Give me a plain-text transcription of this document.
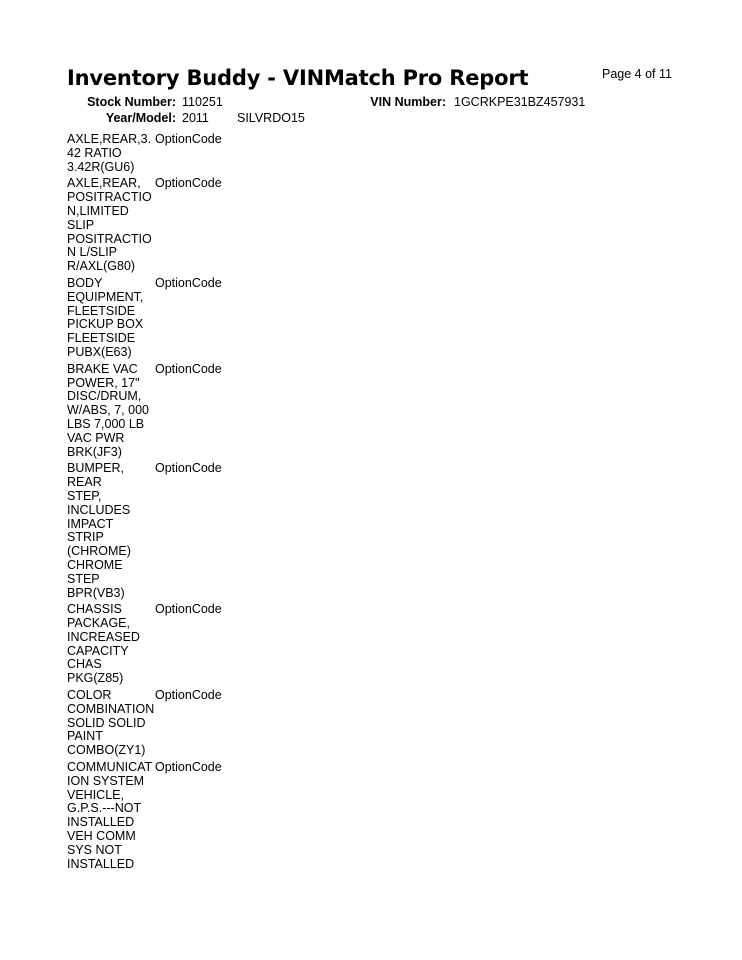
Inventory Buddy - VINMatch Pro Report	Page 4 of 11
Stock Number: 110251	VIN Number: 1GCRKPE31BZ457931
Year/Model: 2011 SILVRDO15
AXLE,REAR,3.
42 RATIO
3.42R(GU6)
OptionCode
AXLE,REAR,
POSITRACTIO
N,LIMITED
SLIP
POSITRACTIO
N L/SLIP
R/AXL(G80)
OptionCode
BODY
EQUIPMENT,
FLEETSIDE
PICKUP BOX
FLEETSIDE
PUBX(E63)
OptionCode
BRAKE VAC
POWER, 17"
DISC/DRUM,
W/ABS, 7, 000
LBS 7,000 LB
VAC PWR
BRK(JF3)
OptionCode
BUMPER,
REAR
STEP,
INCLUDES
IMPACT
STRIP
(CHROME)
CHROME
STEP
BPR(VB3)
OptionCode
CHASSIS
PACKAGE,
INCREASED
CAPACITY
CHAS
PKG(Z85)
OptionCode
COLOR
COMBINATION
SOLID SOLID
PAINT
COMBO(ZY1)
OptionCode
COMMUNICAT
ION SYSTEM
VEHICLE,
G.P.S.---NOT
INSTALLED
VEH COMM
SYS NOT
INSTALLED
OptionCode
